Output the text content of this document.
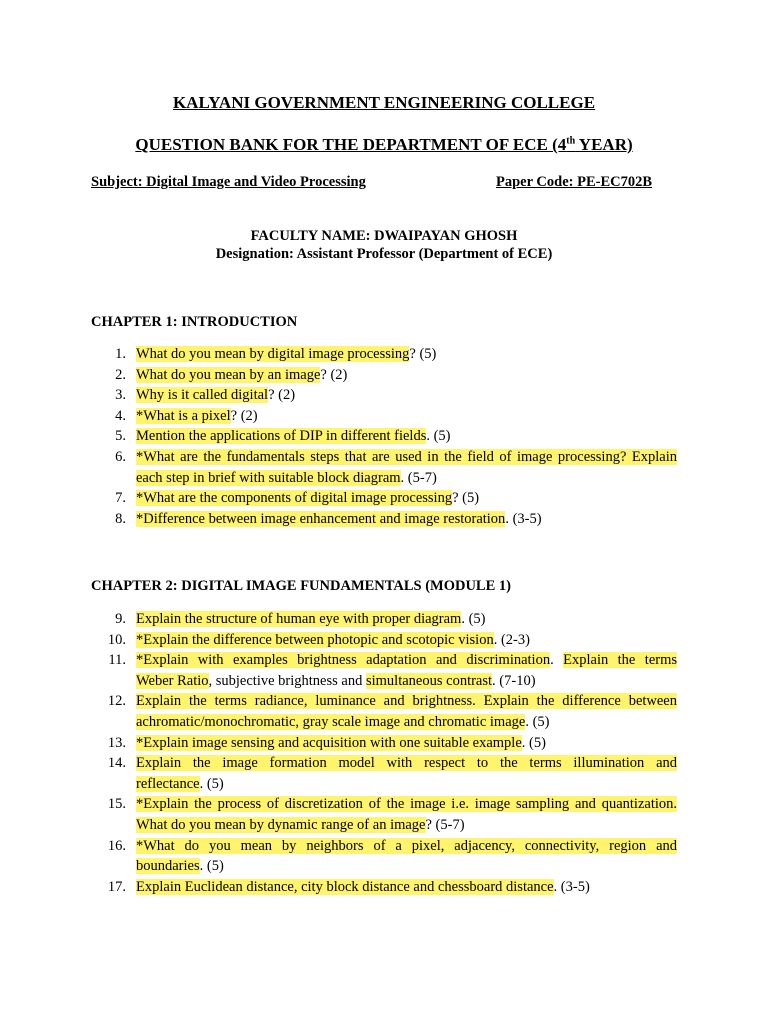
KALYANI GOVERNMENT ENGINEERING COLLEGE
QUESTION BANK FOR THE DEPARTMENT OF ECE (4th YEAR)
Subject: Digital Image and Video Processing	Paper Code: PE-EC702B
FACULTY NAME: DWAIPAYAN GHOSH
Designation: Assistant Professor (Department of ECE)
CHAPTER 1: INTRODUCTION
1. What do you mean by digital image processing? (5)
2. What do you mean by an image? (2)
3. Why is it called digital? (2)
4. *What is a pixel? (2)
5. Mention the applications of DIP in different fields. (5)
6. *What are the fundamentals steps that are used in the field of image processing? Explain
each step in brief with suitable block diagram. (5-7)
7. *What are the components of digital image processing? (5)
8. *Difference between image enhancement and image restoration. (3-5)
CHAPTER 2: DIGITAL IMAGE FUNDAMENTALS (MODULE 1)
9. Explain the structure of human eye with proper diagram. (5)
10. *Explain the difference between photopic and scotopic vision. (2-3)
11. *Explain with examples brightness adaptation and discrimination. Explain the terms
Weber Ratio, subjective brightness and simultaneous contrast. (7-10)
12. Explain the terms radiance, luminance and brightness. Explain the difference between
achromatic/monochromatic, gray scale image and chromatic image. (5)
13. *Explain image sensing and acquisition with one suitable example. (5)
14. Explain the image formation model with respect to the terms illumination and
reflectance. (5)
15. *Explain the process of discretization of the image i.e. image sampling and quantization.
What do you mean by dynamic range of an image? (5-7)
16. *What do you mean by neighbors of a pixel, adjacency, connectivity, region and
boundaries. (5)
17. Explain Euclidean distance, city block distance and chessboard distance. (3-5)
